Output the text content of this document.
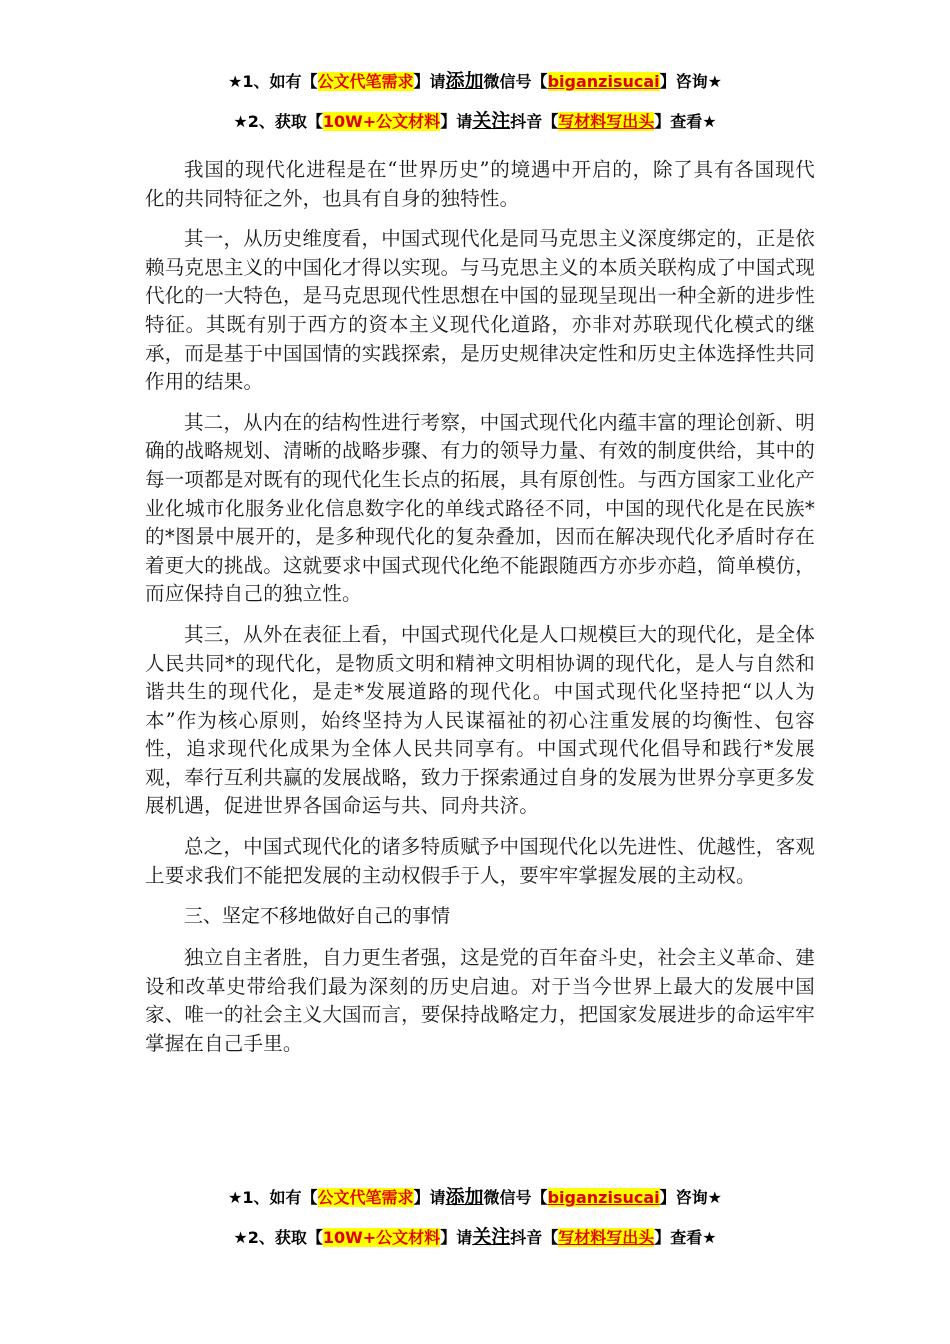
★1、如有【公文代笔需求】请添加微信号【biganzisucai】咨询★
★2、获取【10W+公文材料】请关注抖音【写材料写出头】查看★

我国的现代化进程是在“世界历史”的境遇中开启的，除了具有各国现代化的共同特征之外，也具有自身的独特性。

其一，从历史维度看，中国式现代化是同马克思主义深度绑定的，正是依赖马克思主义的中国化才得以实现。与马克思主义的本质关联构成了中国式现代化的一大特色，是马克思现代性思想在中国的显现呈现出一种全新的进步性特征。其既有别于西方的资本主义现代化道路，亦非对苏联现代化模式的继承，而是基于中国国情的实践探索，是历史规律决定性和历史主体选择性共同作用的结果。

其二，从内在的结构性进行考察，中国式现代化内蕴丰富的理论创新、明确的战略规划、清晰的战略步骤、有力的领导力量、有效的制度供给，其中的每一项都是对既有的现代化生长点的拓展，具有原创性。与西方国家工业化产业化城市化服务业化信息数字化的单线式路径不同，中国的现代化是在民族*的*图景中展开的，是多种现代化的复杂叠加，因而在解决现代化矛盾时存在着更大的挑战。这就要求中国式现代化绝不能跟随西方亦步亦趋，简单模仿，而应保持自己的独立性。

其三，从外在表征上看，中国式现代化是人口规模巨大的现代化，是全体人民共同*的现代化，是物质文明和精神文明相协调的现代化，是人与自然和谐共生的现代化，是走*发展道路的现代化。中国式现代化坚持把“以人为本”作为核心原则，始终坚持为人民谋福祉的初心注重发展的均衡性、包容性，追求现代化成果为全体人民共同享有。中国式现代化倡导和践行*发展观，奉行互利共赢的发展战略，致力于探索通过自身的发展为世界分享更多发展机遇，促进世界各国命运与共、同舟共济。

总之，中国式现代化的诸多特质赋予中国现代化以先进性、优越性，客观上要求我们不能把发展的主动权假手于人，要牢牢掌握发展的主动权。

三、坚定不移地做好自己的事情

独立自主者胜，自力更生者强，这是党的百年奋斗史，社会主义革命、建设和改革史带给我们最为深刻的历史启迪。对于当今世界上最大的发展中国家、唯一的社会主义大国而言，要保持战略定力，把国家发展进步的命运牢牢掌握在自己手里。

★1、如有【公文代笔需求】请添加微信号【biganzisucai】咨询★
★2、获取【10W+公文材料】请关注抖音【写材料写出头】查看★
